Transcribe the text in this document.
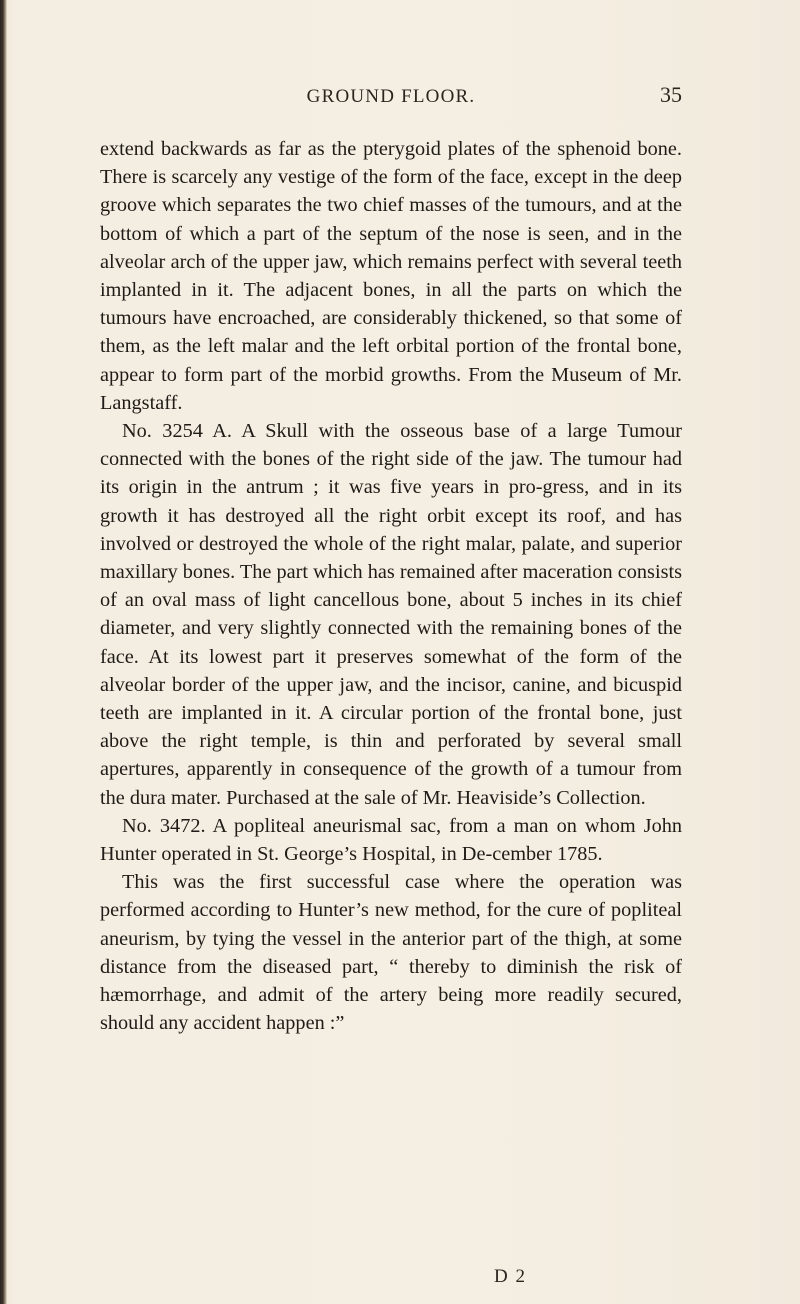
GROUND FLOOR.	35

extend backwards as far as the pterygoid plates of the sphenoid bone. There is scarcely any vestige of the form of the face, except in the deep groove which separates the two chief masses of the tumours, and at the bottom of which a part of the septum of the nose is seen, and in the alveolar arch of the upper jaw, which remains perfect with several teeth implanted in it. The adjacent bones, in all the parts on which the tumours have encroached, are considerably thickened, so that some of them, as the left malar and the left orbital portion of the frontal bone, appear to form part of the morbid growths. From the Museum of Mr. Langstaff.

No. 3254 A. A Skull with the osseous base of a large Tumour connected with the bones of the right side of the jaw. The tumour had its origin in the antrum ; it was five years in pro-gress, and in its growth it has destroyed all the right orbit except its roof, and has involved or destroyed the whole of the right malar, palate, and superior maxillary bones. The part which has remained after maceration consists of an oval mass of light cancellous bone, about 5 inches in its chief diameter, and very slightly connected with the remaining bones of the face. At its lowest part it preserves somewhat of the form of the alveolar border of the upper jaw, and the incisor, canine, and bicuspid teeth are implanted in it. A circular portion of the frontal bone, just above the right temple, is thin and perforated by several small apertures, apparently in consequence of the growth of a tumour from the dura mater. Purchased at the sale of Mr. Heaviside’s Collection.

No. 3472. A popliteal aneurismal sac, from a man on whom John Hunter operated in St. George’s Hospital, in De-cember 1785.

This was the first successful case where the operation was performed according to Hunter’s new method, for the cure of popliteal aneurism, by tying the vessel in the anterior part of the thigh, at some distance from the diseased part, “ thereby to diminish the risk of hæmorrhage, and admit of the artery being more readily secured, should any accident happen :”

D 2
